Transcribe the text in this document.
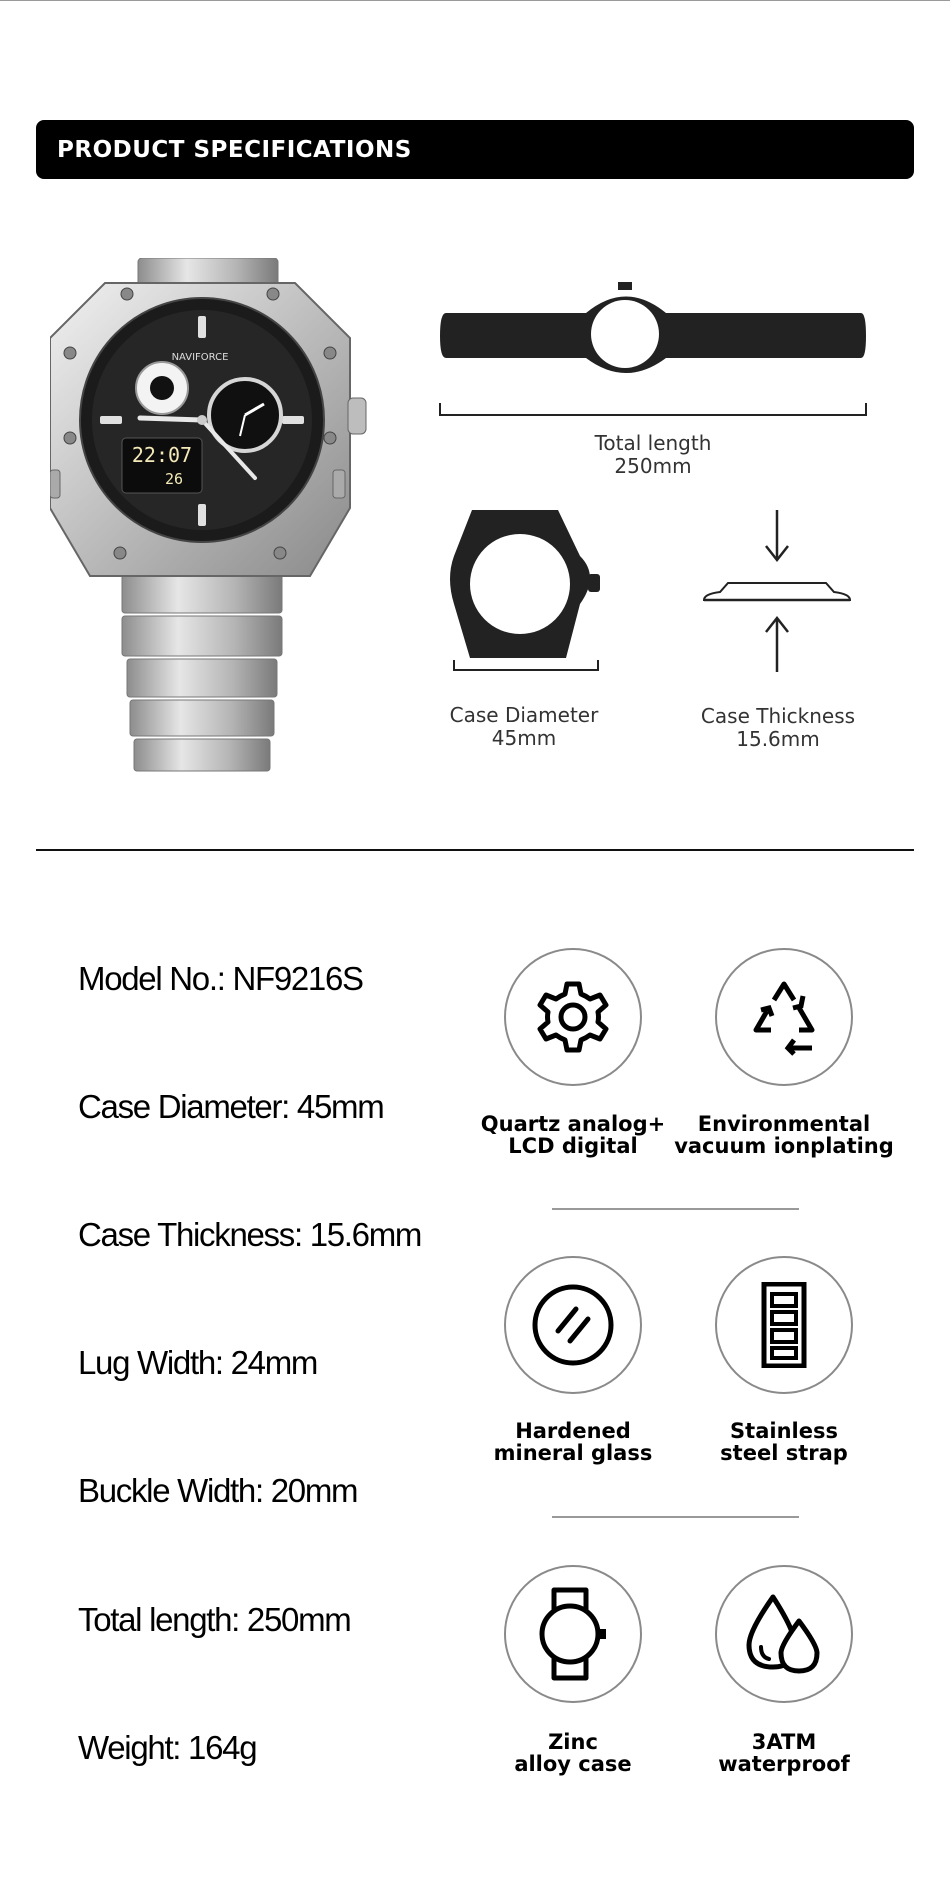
PRODUCT SPECIFICATIONS
NAVIFORCE
22:07
26
Total length
250mm
Case Diameter
45mm
Case Thickness
15.6mm
Model No.: NF9216S
Case Diameter: 45mm
Case Thickness: 15.6mm
Lug Width: 24mm
Buckle Width: 20mm
Total length: 250mm
Weight: 164g
Quartz analog+
LCD digital
Environmental
vacuum ionplating
Hardened
mineral glass
Stainless
steel strap
Zinc
alloy case
3ATM
waterproof
